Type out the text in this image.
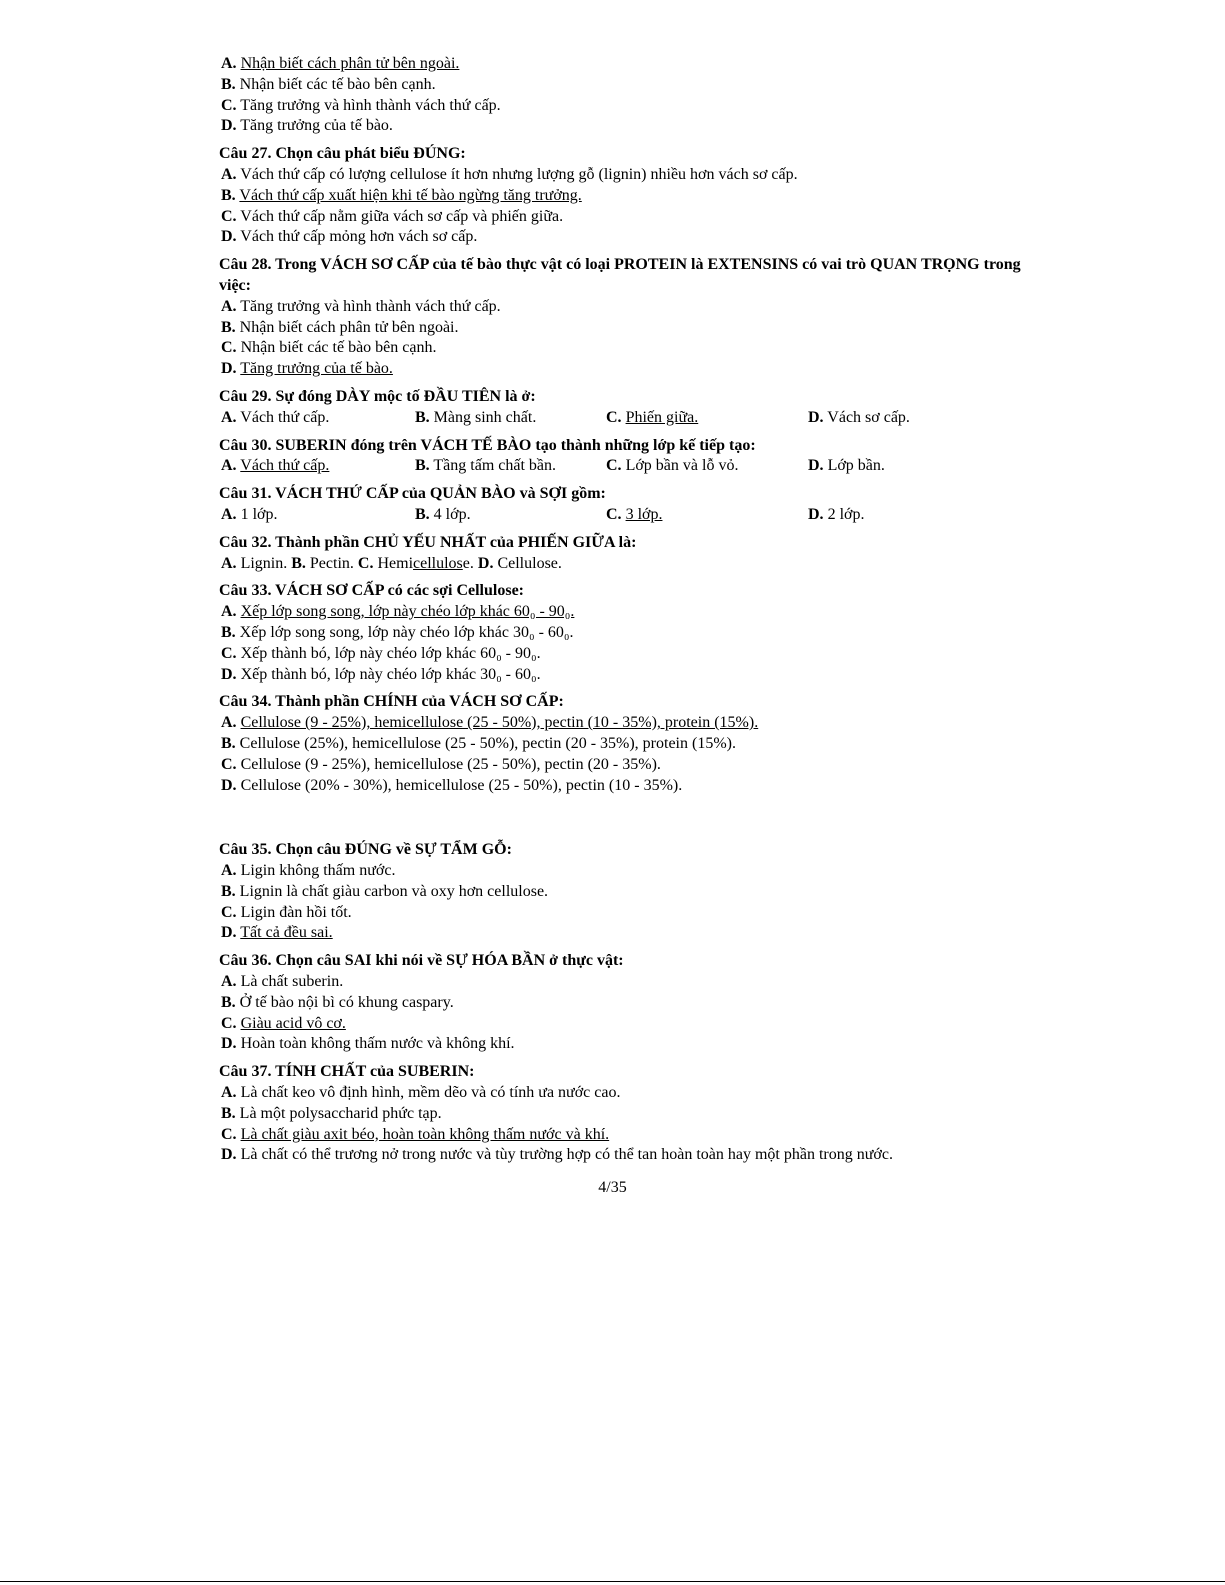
A. Nhận biết cách phân tử bên ngoài.
B. Nhận biết các tế bào bên cạnh.
C. Tăng trưởng và hình thành vách thứ cấp.
D. Tăng trưởng của tế bào.
Câu 27. Chọn câu phát biểu ĐÚNG:
A. Vách thứ cấp có lượng cellulose ít hơn nhưng lượng gỗ (lignin) nhiều hơn vách sơ cấp.
B. Vách thứ cấp xuất hiện khi tế bào ngừng tăng trưởng.
C. Vách thứ cấp nằm giữa vách sơ cấp và phiến giữa.
D. Vách thứ cấp mỏng hơn vách sơ cấp.
Câu 28. Trong VÁCH SƠ CẤP của tế bào thực vật có loại PROTEIN là EXTENSINS có vai trò QUAN TRỌNG trong việc:
A. Tăng trưởng và hình thành vách thứ cấp.
B. Nhận biết cách phân tử bên ngoài.
C. Nhận biết các tế bào bên cạnh.
D. Tăng trưởng của tế bào.
Câu 29. Sự đóng DÀY mộc tố ĐẦU TIÊN là ở:
A. Vách thứ cấp.	B. Màng sinh chất.	C. Phiến giữa.	D. Vách sơ cấp.
Câu 30. SUBERIN đóng trên VÁCH TẾ BÀO tạo thành những lớp kế tiếp tạo:
A. Vách thứ cấp.	B. Tầng tấm chất bần.	C. Lớp bần và lỗ vỏ.	D. Lớp bần.
Câu 31. VÁCH THỨ CẤP của QUẢN BÀO và SỢI gồm:
A. 1 lớp.	B. 4 lớp.	C. 3 lớp.	D. 2 lớp.
Câu 32. Thành phần CHỦ YẾU NHẤT của PHIẾN GIỮA là:
A. Lignin. B. Pectin. C. Hemicellulose. D. Cellulose.
Câu 33. VÁCH SƠ CẤP có các sợi Cellulose:
A. Xếp lớp song song, lớp này chéo lớp khác 60₀ - 90₀.
B. Xếp lớp song song, lớp này chéo lớp khác 30₀ - 60₀.
C. Xếp thành bó, lớp này chéo lớp khác 60₀ - 90₀.
D. Xếp thành bó, lớp này chéo lớp khác 30₀ - 60₀.
Câu 34. Thành phần CHÍNH của VÁCH SƠ CẤP:
A. Cellulose (9 - 25%), hemicellulose (25 - 50%), pectin (10 - 35%), protein (15%).
B. Cellulose (25%), hemicellulose (25 - 50%), pectin (20 - 35%), protein (15%).
C. Cellulose (9 - 25%), hemicellulose (25 - 50%), pectin (20 - 35%).
D. Cellulose (20% - 30%), hemicellulose (25 - 50%), pectin (10 - 35%).
Câu 35. Chọn câu ĐÚNG về SỰ TẨM GỖ:
A. Ligin không thấm nước.
B. Lignin là chất giàu carbon và oxy hơn cellulose.
C. Ligin đàn hồi tốt.
D. Tất cả đều sai.
Câu 36. Chọn câu SAI khi nói về SỰ HÓA BẦN ở thực vật:
A. Là chất suberin.
B. Ở tế bào nội bì có khung caspary.
C. Giàu acid vô cơ.
D. Hoàn toàn không thấm nước và không khí.
Câu 37. TÍNH CHẤT của SUBERIN:
A. Là chất keo vô định hình, mềm dẽo và có tính ưa nước cao.
B. Là một polysaccharid phức tạp.
C. Là chất giàu axit béo, hoàn toàn không thấm nước và khí.
D. Là chất có thể trương nở trong nước và tùy trường hợp có thể tan hoàn toàn hay một phần trong nước.
4/35
